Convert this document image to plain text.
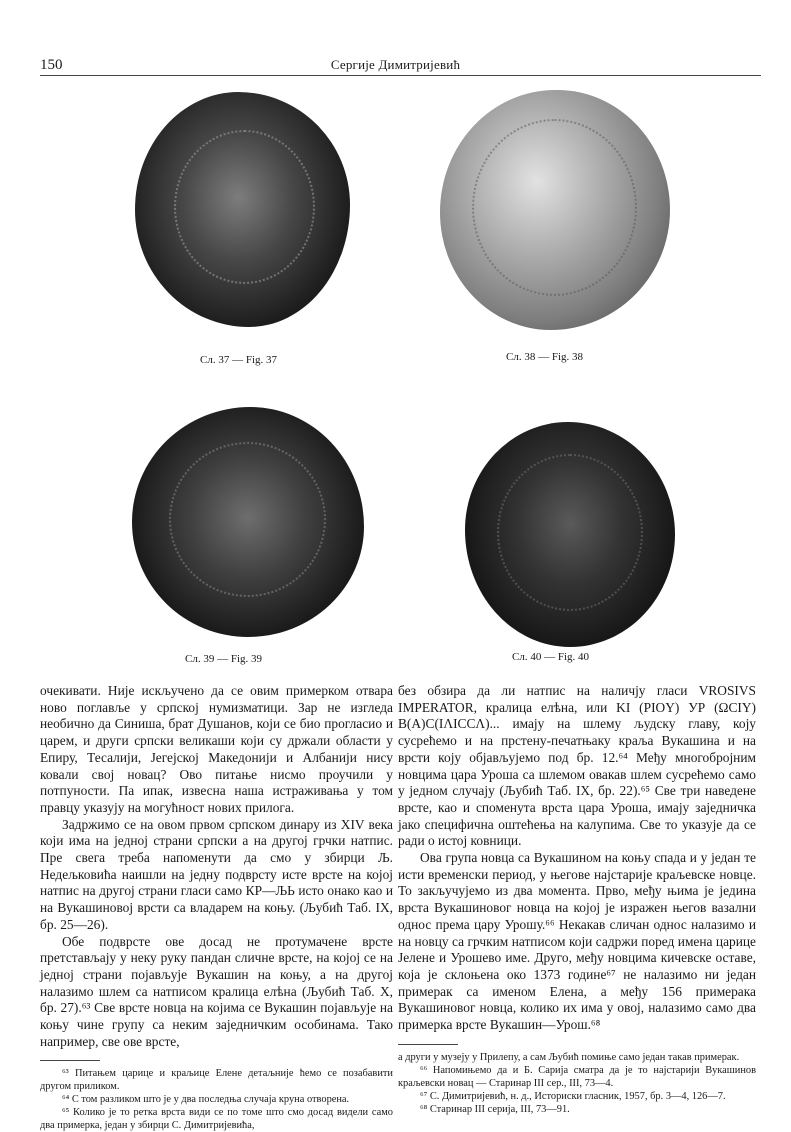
150	Сергије Димитријевић
Сл. 37 — Fig. 37	Сл. 38 — Fig. 38
Сл. 39 — Fig. 39	Сл. 40 — Fig. 40

очекивати. Није искључено да се овим примерком отвара ново поглавље у српској нумизматици. Зар не изгледа необично да Синиша, брат Душанов, који се био прогласио и царем, и други српски великаши који су држали области у Епиру, Тесалији, Јегејској Македонији и Албанији нису ковали свој новац? Ово питање нисмо проучили у потпуности. Па ипак, извесна наша истраживања у том правцу указују на могућност нових прилога.

Задржимо се на овом првом српском динару из XIV века који има на једној страни српски а на другој грчки натпис. Пре свега треба напоменути да смо у збирци Љ. Недељковића наишли на једну подврсту исте врсте на којој натпис на другој страни гласи само КР—ЉЬ исто онако као и на Вукашиновој врсти са владарем на коњу. (Љубић Таб. IX, бр. 25—26).

Обе подврсте ове досад не протумачене врсте претстављају у неку руку пандан сличне врсте, на којој се на једној страни појављује Вукашин на коњу, а на другој налазимо шлем са натписом кралица елѣна (Љубић Таб. X, бр. 27).⁶³ Све врсте новца на којима се Вукашин појављује на коњу чине групу са неким заједничким особинама. Тако например, све ове врсте,

⁶³ Питањем царице и краљице Елене детаљније ћемо се позабавити другом приликом.

⁶⁴ С том разликом што је у два последња случаја круна отворена.

⁶⁵ Колико је то ретка врста види се по томе што смо досад видели само два примерка, један у збирци С. Димитријевића,

без обзира да ли натпис на наличју гласи VROSIVS IMPERATOR, кралица елѣна, или KI (PIOY) УР (ΩCIY) B(A)C(IΛICCΛ)... имају на шлему људску главу, коју сусрећемо и на прстену-печатњаку краља Вукашина и на врсти коју објављујемо под бр. 12.⁶⁴ Међу многобројним новцима цара Уроша са шлемом овакав шлем сусрећемо само у једном случају (Љубић Таб. IX, бр. 22).⁶⁵ Све три наведене врсте, као и споменута врста цара Уроша, имају заједничка јако специфична оштећења на калупима. Све то указује да се ради о истој ковници.

Ова група новца са Вукашином на коњу спада и у један те исти временски период, у његове најстарије краљевске новце. То закључујемо из два момента. Прво, међу њима је једина врста Вукашиновог новца на којој је изражен његов вазални однос према цару Урошу.⁶⁶ Некакав сличан однос налазимо и на новцу са грчким натписом који садржи поред имена царице Јелене и Урошево име. Друго, међу новцима кичевске оставе, која је склоњена око 1373 године⁶⁷ не налазимо ни један примерак са именом Елена, а међу 156 примерака Вукашиновог новца, колико их има у овој, налазимо само два примерка врсте Вукашин—Урош.⁶⁸

а други у музеју у Прилепу, а сам Љубић помиње само један такав примерак.

⁶⁶ Напомињемо да и Б. Саријa сматра да је то најстарији Вукашинов краљевски новац — Старинар III сер., III, 73—4.

⁶⁷ С. Димитријевић, н. д., Историски гласник, 1957, бр. 3—4, 126—7.

⁶⁸ Старинар III серија, III, 73—91.
